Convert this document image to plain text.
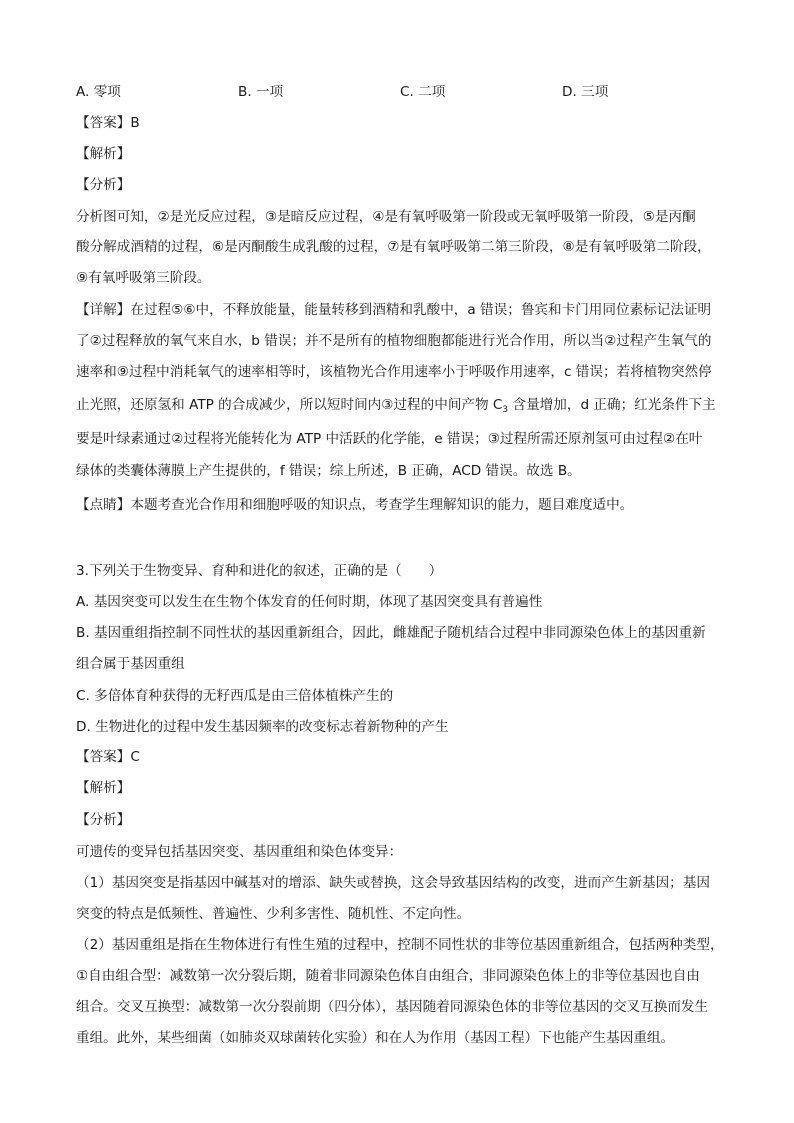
A. 零项	B. 一项	C. 二项	D. 三项
【答案】B
【解析】
【分析】
分析图可知，②是光反应过程，③是暗反应过程，④是有氧呼吸第一阶段或无氧呼吸第一阶段，⑤是丙酮
酸分解成酒精的过程，⑥是丙酮酸生成乳酸的过程，⑦是有氧呼吸第二第三阶段，⑧是有氧呼吸第二阶段，
⑨有氧呼吸第三阶段。
【详解】在过程⑤⑥中，不释放能量，能量转移到酒精和乳酸中，a 错误；鲁宾和卡门用同位素标记法证明
了②过程释放的氧气来自水，b 错误；并不是所有的植物细胞都能进行光合作用，所以当②过程产生氧气的
速率和⑨过程中消耗氧气的速率相等时，该植物光合作用速率小于呼吸作用速率，c 错误；若将植物突然停
止光照，还原氢和 ATP 的合成减少，所以短时间内③过程的中间产物 $C_3$ 含量增加，d 正确；红光条件下主
要是叶绿素通过②过程将光能转化为 ATP 中活跃的化学能，e 错误；③过程所需还原剂氢可由过程②在叶
绿体的类囊体薄膜上产生提供的，f 错误；综上所述，B 正确，ACD 错误。故选 B。
【点睛】本题考查光合作用和细胞呼吸的知识点，考查学生理解知识的能力，题目难度适中。
3.下列关于生物变异、育种和进化的叙述，正确的是（　　）
A. 基因突变可以发生在生物个体发育的任何时期，体现了基因突变具有普遍性
B. 基因重组指控制不同性状的基因重新组合，因此，雌雄配子随机结合过程中非同源染色体上的基因重新
组合属于基因重组
C. 多倍体育种获得的无籽西瓜是由三倍体植株产生的
D. 生物进化的过程中发生基因频率的改变标志着新物种的产生
【答案】C
【解析】
【分析】
可遗传的变异包括基因突变、基因重组和染色体变异：
（1）基因突变是指基因中碱基对的增添、缺失或替换，这会导致基因结构的改变，进而产生新基因；基因
突变的特点是低频性、普遍性、少利多害性、随机性、不定向性。
（2）基因重组是指在生物体进行有性生殖的过程中，控制不同性状的非等位基因重新组合，包括两种类型，
①自由组合型：减数第一次分裂后期，随着非同源染色体自由组合，非同源染色体上的非等位基因也自由
组合。交叉互换型：减数第一次分裂前期（四分体），基因随着同源染色体的非等位基因的交叉互换而发生
重组。此外，某些细菌（如肺炎双球菌转化实验）和在人为作用（基因工程）下也能产生基因重组。
